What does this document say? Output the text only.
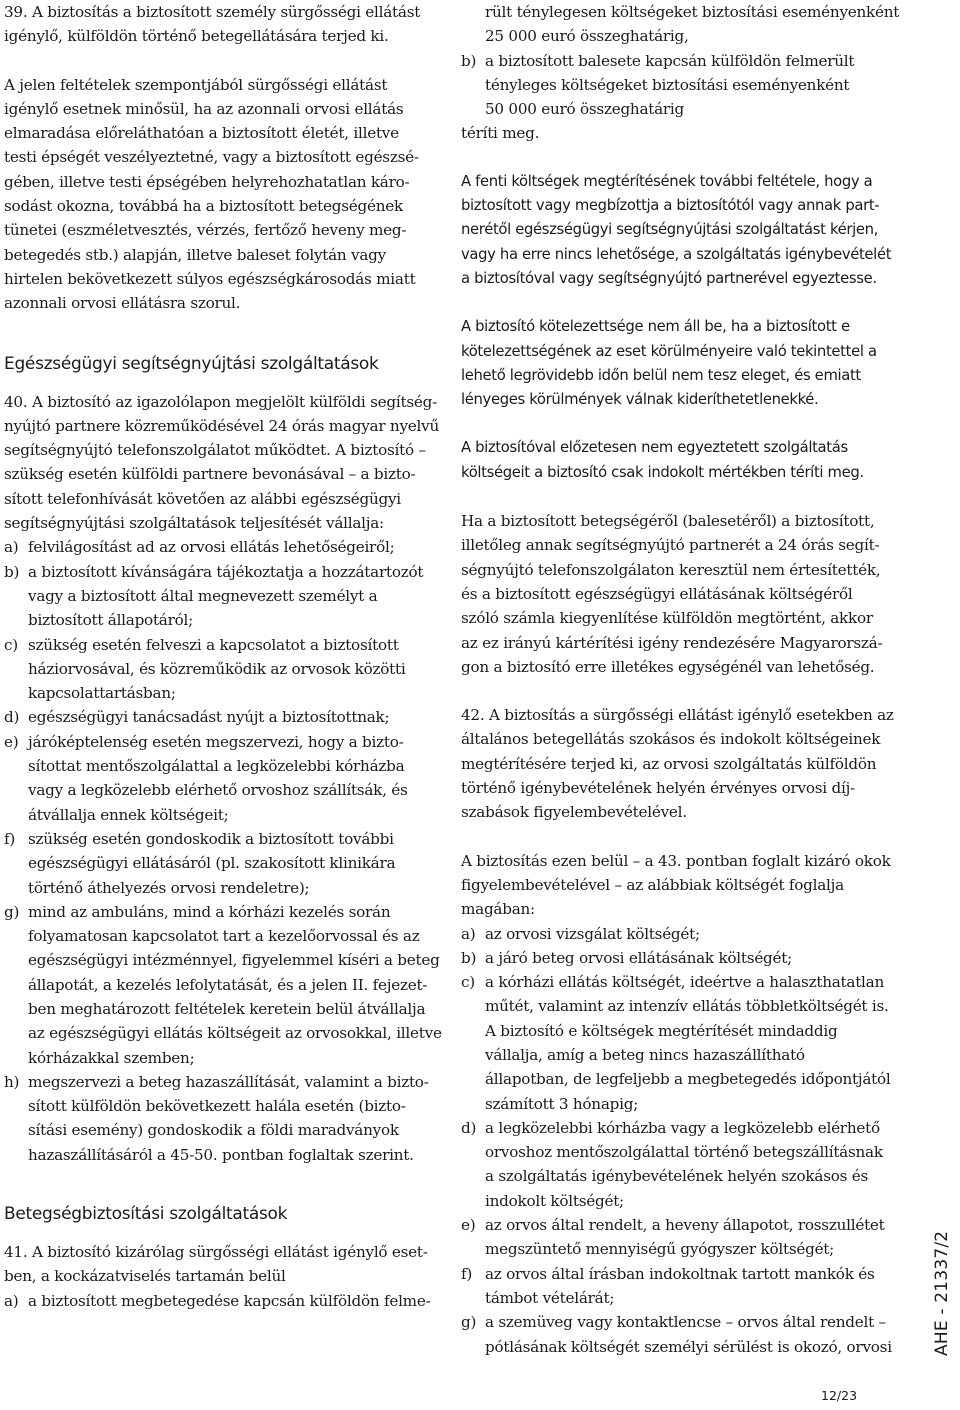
39. A biztosítás a biztosított személy sürgősségi ellátást
igénylő, külföldön történő betegellátására terjed ki.
A jelen feltételek szempontjából sürgősségi ellátást
igénylő esetnek minősül, ha az azonnali orvosi ellátás
elmaradása előreláthatóan a biztosított életét, illetve
testi épségét veszélyeztetné, vagy a biztosított egészsé-
gében, illetve testi épségében helyrehozhatatlan káro-
sodást okozna, továbbá ha a biztosított betegségének
tünetei (eszméletvesztés, vérzés, fertőző heveny meg-
betegedés stb.) alapján, illetve baleset folytán vagy
hirtelen bekövetkezett súlyos egészségkárosodás miatt
azonnali orvosi ellátásra szorul.
Egészségügyi segítségnyújtási szolgáltatások
40. A biztosító az igazolólapon megjelölt külföldi segítség-
nyújtó partnere közreműködésével 24 órás magyar nyelvű
segítségnyújtó telefonszolgálatot működtet. A biztosító –
szükség esetén külföldi partnere bevonásával – a bizto-
sított telefonhívását követően az alábbi egészségügyi
segítségnyújtási szolgáltatások teljesítését vállalja:
a) felvilágosítást ad az orvosi ellátás lehetőségeiről;
b) a biztosított kívánságára tájékoztatja a hozzátartozót
vagy a biztosított által megnevezett személyt a
biztosított állapotáról;
c) szükség esetén felveszi a kapcsolatot a biztosított
háziorvosával, és közreműködik az orvosok közötti
kapcsolattartásban;
d) egészségügyi tanácsadást nyújt a biztosítottnak;
e) járóképtelenség esetén megszervezi, hogy a bizto-
sítottat mentőszolgálattal a legközelebbi kórházba
vagy a legközelebb elérhető orvoshoz szállítsák, és
átvállalja ennek költségeit;
f) szükség esetén gondoskodik a biztosított további
egészségügyi ellátásáról (pl. szakosított klinikára
történő áthelyezés orvosi rendeletre);
g) mind az ambuláns, mind a kórházi kezelés során
folyamatosan kapcsolatot tart a kezelőorvossal és az
egészségügyi intézménnyel, figyelemmel kíséri a beteg
állapotát, a kezelés lefolytatását, és a jelen II. fejezet-
ben meghatározott feltételek keretein belül átvállalja
az egészségügyi ellátás költségeit az orvosokkal, illetve
kórházakkal szemben;
h) megszervezi a beteg hazaszállítását, valamint a bizto-
sított külföldön bekövetkezett halála esetén (bizto-
sítási esemény) gondoskodik a földi maradványok
hazaszállításáról a 45-50. pontban foglaltak szerint.
Betegségbiztosítási szolgáltatások
41. A biztosító kizárólag sürgősségi ellátást igénylő eset-
ben, a kockázatviselés tartamán belül
a) a biztosított megbetegedése kapcsán külföldön felme-
rült ténylegesen költségeket biztosítási eseményenként
25 000 euró összeghatárig,
b) a biztosított balesete kapcsán külföldön felmerült
tényleges költségeket biztosítási eseményenként
50 000 euró összeghatárig
téríti meg.
A fenti költségek megtérítésének további feltétele, hogy a
biztosított vagy megbízottja a biztosítótól vagy annak part-
nerétől egészségügyi segítségnyújtási szolgáltatást kérjen,
vagy ha erre nincs lehetősége, a szolgáltatás igénybevételét
a biztosítóval vagy segítségnyújtó partnerével egyeztesse.
A biztosító kötelezettsége nem áll be, ha a biztosított e
kötelezettségének az eset körülményeire való tekintettel a
lehető legrövidebb időn belül nem tesz eleget, és emiatt
lényeges körülmények válnak kideríthetetlenekké.
A biztosítóval előzetesen nem egyeztetett szolgáltatás
költségeit a biztosító csak indokolt mértékben téríti meg.
Ha a biztosított betegségéről (balesetéről) a biztosított,
illetőleg annak segítségnyújtó partnerét a 24 órás segít-
ségnyújtó telefonszolgálaton keresztül nem értesítették,
és a biztosított egészségügyi ellátásának költségéről
szóló számla kiegyenlítése külföldön megtörtént, akkor
az ez irányú kártérítési igény rendezésére Magyarorszá-
gon a biztosító erre illetékes egységénél van lehetőség.
42. A biztosítás a sürgősségi ellátást igénylő esetekben az
általános betegellátás szokásos és indokolt költségeinek
megtérítésére terjed ki, az orvosi szolgáltatás külföldön
történő igénybevételének helyén érvényes orvosi díj-
szabások figyelembevételével.
A biztosítás ezen belül – a 43. pontban foglalt kizáró okok
figyelembevételével – az alábbiak költségét foglalja
magában:
a) az orvosi vizsgálat költségét;
b) a járó beteg orvosi ellátásának költségét;
c) a kórházi ellátás költségét, ideértve a halaszthatatlan
műtét, valamint az intenzív ellátás többletköltségét is.
A biztosító e költségek megtérítését mindaddig
vállalja, amíg a beteg nincs hazaszállítható
állapotban, de legfeljebb a megbetegedés időpontjától
számított 3 hónapig;
d) a legközelebbi kórházba vagy a legközelebb elérhető
orvoshoz mentőszolgálattal történő betegszállításnak
a szolgáltatás igénybevételének helyén szokásos és
indokolt költségét;
e) az orvos által rendelt, a heveny állapotot, rosszullétet
megszüntető mennyiségű gyógyszer költségét;
f) az orvos által írásban indokoltnak tartott mankók és
támbot vételárát;
g) a szemüveg vagy kontaktlencse – orvos által rendelt –
pótlásának költségét személyi sérülést is okozó, orvosi AHE - 21337/2
12/23
